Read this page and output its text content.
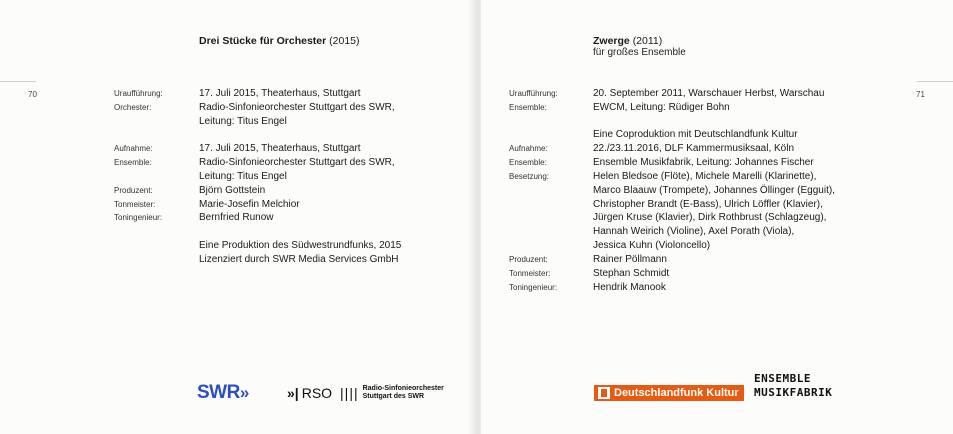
70
Drei Stücke für Orchester (2015)
Uraufführung:	17. Juli 2015, Theaterhaus, Stuttgart
Orchester:	Radio-Sinfonieorchester Stuttgart des SWR,
Leitung: Titus Engel
Aufnahme:	17. Juli 2015, Theaterhaus, Stuttgart
Ensemble:	Radio-Sinfonieorchester Stuttgart des SWR,
Leitung: Titus Engel
Produzent:	Björn Gottstein
Tonmeister:	Marie-Josefin Melchior
Toningenieur:	Bernfried Runow
Eine Produktion des Südwestrundfunks, 2015
Lizenziert durch SWR Media Services GmbH
SWR»	»| RSO |||| Radio-Sinfonieorchester
Stuttgart des SWR
71
Zwerge (2011)
für großes Ensemble
Uraufführung:	20. September 2011, Warschauer Herbst, Warschau
Ensemble:	EWCM, Leitung: Rüdiger Bohn
Eine Coproduktion mit Deutschlandfunk Kultur
Aufnahme:	22./23.11.2016, DLF Kammermusiksaal, Köln
Ensemble:	Ensemble Musikfabrik, Leitung: Johannes Fischer
Besetzung:	Helen Bledsoe (Flöte), Michele Marelli (Klarinette),
Marco Blaauw (Trompete), Johannes Öllinger (Egguit),
Christopher Brandt (E-Bass), Ulrich Löffler (Klavier),
Jürgen Kruse (Klavier), Dirk Rothbrust (Schlagzeug),
Hannah Weirich (Violine), Axel Porath (Viola),
Jessica Kuhn (Violoncello)
Produzent:	Rainer Pöllmann
Tonmeister:	Stephan Schmidt
Toningenieur:	Hendrik Manook
Deutschlandfunk Kultur
ENSEMBLE
MUSIKFABRIK
